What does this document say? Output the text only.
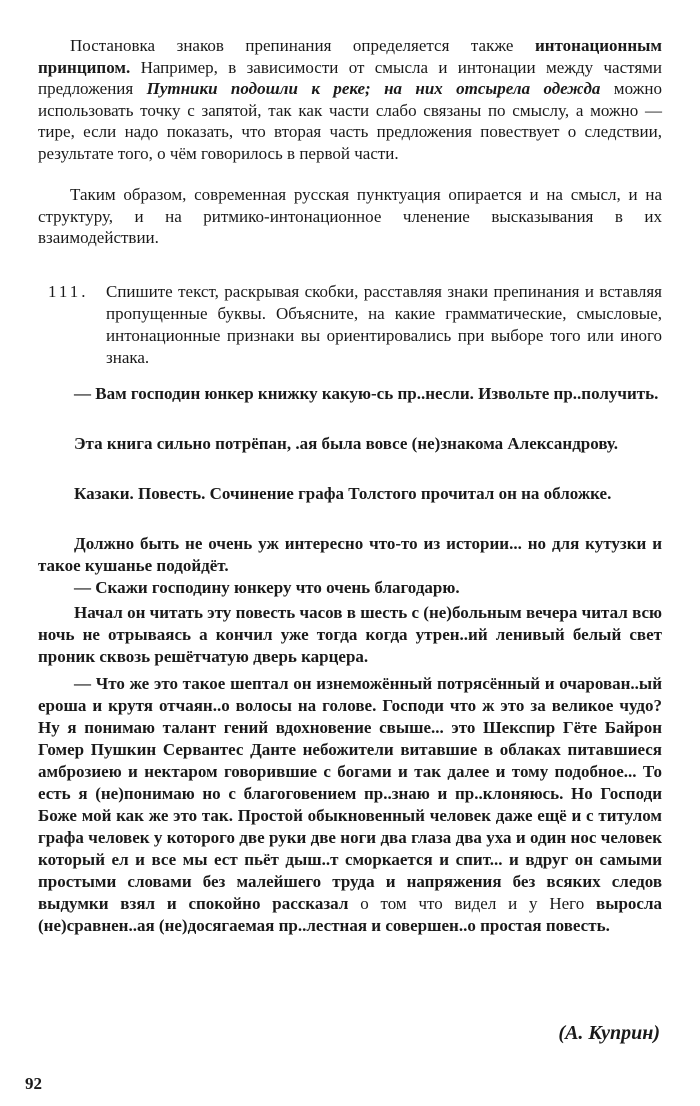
Постановка знаков препинания определяется также интонационным принципом. Например, в зависимости от смысла и интонации между частями предложения Путники подошли к реке; на них отсырела одежда можно использовать точку с запятой, так как части слабо связаны по смыслу, а можно — тире, если надо показать, что вторая часть предложения повествует о следствии, результате того, о чём говорилось в первой части.

Таким образом, современная русская пунктуация опирается и на смысл, и на структуру, и на ритмико-интонационное членение высказывания в их взаимодействии.

111. Спишите текст, раскрывая скобки, расставляя знаки препинания и вставляя пропущенные буквы. Объясните, на какие грамматические, смысловые, интонационные признаки вы ориентировались при выборе того или иного знака.

— Вам господин юнкер книжку какую-сь пр..несли. Извольте пр..получить.

Эта книга сильно потрёпан, .ая была вовсе (не)знакома Александрову.

Казаки. Повесть. Сочинение графа Толстого прочитал он на обложке.

Должно быть не очень уж интересно что-то из истории... но для кутузки и такое кушанье подойдёт.

— Скажи господину юнкеру что очень благодарю.

Начал он читать эту повесть часов в шесть с (не)больным вечера читал всю ночь не отрываясь а кончил уже тогда когда утрен..ий ленивый белый свет проник сквозь решётчатую дверь карцера.

— Что же это такое шептал он изнеможённый потрясённый и очарован..ый ероша и крутя отчаян..о волосы на голове. Господи что ж это за великое чудо? Ну я понимаю талант гений вдохновение свыше... это Шекспир Гёте Байрон Гомер Пушкин Сервантес Данте небожители витавшие в облаках питавшиеся амброзиею и нектаром говорившие с богами и так далее и тому подобное... То есть я (не)понимаю но с благоговением пр..знаю и пр..клоняюсь. Но Господи Боже мой как же это так. Простой обыкновенный человек даже ещё и с титулом графа человек у которого две руки две ноги два глаза два уха и один нос человек который ел и все мы ест пьёт дыш..т сморкается и спит... и вдруг он самыми простыми словами без малейшего труда и напряжения без всяких следов выдумки взял и спокойно рассказал о том что видел и у Него выросла (не)сравнен..ая (не)досягаемая пр..лестная и совершен..о простая повесть.

(А. Куприн)
92
